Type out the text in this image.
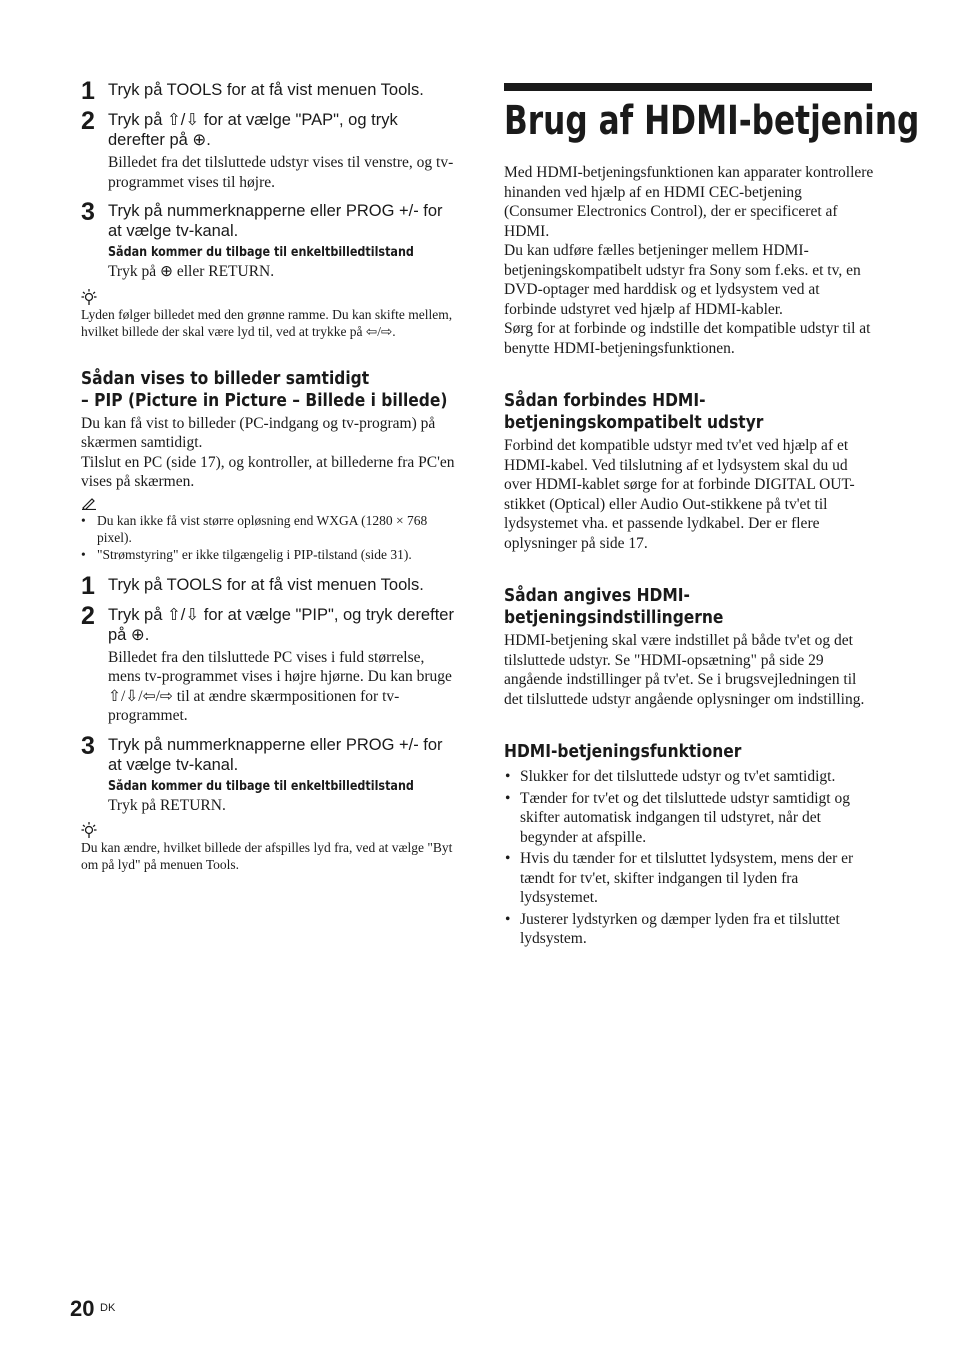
1 Tryk på TOOLS for at få vist menuen Tools.
2 Tryk på ⇧/⇩ for at vælge "PAP", og tryk derefter på ⊕.
Billedet fra det tilsluttede udstyr vises til venstre, og tv-programmet vises til højre.
3 Tryk på nummerknapperne eller PROG +/- for at vælge tv-kanal.
Sådan kommer du tilbage til enkeltbilledtilstand
Tryk på ⊕ eller RETURN.
Lyden følger billedet med den grønne ramme. Du kan skifte mellem, hvilket billede der skal være lyd til, ved at trykke på ⇦/⇨.
Sådan vises to billeder samtidigt
– PIP (Picture in Picture – Billede i billede)

Du kan få vist to billeder (PC-indgang og tv-program) på skærmen samtidigt.

Tilslut en PC (side 17), og kontroller, at billederne fra PC'en vises på skærmen.

• Du kan ikke få vist større opløsning end WXGA (1280 × 768 pixel).
• "Strømstyring" er ikke tilgængelig i PIP-tilstand (side 31).
1 Tryk på TOOLS for at få vist menuen Tools.
2 Tryk på ⇧/⇩ for at vælge "PIP", og tryk derefter på ⊕.
Billedet fra den tilsluttede PC vises i fuld størrelse, mens tv-programmet vises i højre hjørne. Du kan bruge ⇧/⇩/⇦/⇨ til at ændre skærmpositionen for tv-programmet.
3 Tryk på nummerknapperne eller PROG +/- for at vælge tv-kanal.
Sådan kommer du tilbage til enkeltbilledtilstand
Tryk på RETURN.
Du kan ændre, hvilket billede der afspilles lyd fra, ved at vælge "Byt om på lyd" på menuen Tools.
Brug af HDMI-betjening

Med HDMI-betjeningsfunktionen kan apparater kontrollere hinanden ved hjælp af en HDMI CEC-betjening (Consumer Electronics Control), der er specificeret af HDMI.

Du kan udføre fælles betjeninger mellem HDMI-betjeningskompatibelt udstyr fra Sony som f.eks. et tv, en DVD-optager med harddisk og et lydsystem ved at forbinde udstyret ved hjælp af HDMI-kabler.

Sørg for at forbinde og indstille det kompatible udstyr til at benytte HDMI-betjeningsfunktionen.

Sådan forbindes HDMI-
betjeningskompatibelt udstyr

Forbind det kompatible udstyr med tv'et ved hjælp af et HDMI-kabel. Ved tilslutning af et lydsystem skal du ud over HDMI-kablet sørge for at forbinde DIGITAL OUT-stikket (Optical) eller Audio Out-stikkene på tv'et til lydsystemet vha. et passende lydkabel. Der er flere oplysninger på side 17.

Sådan angives HDMI-
betjeningsindstillingerne

HDMI-betjening skal være indstillet på både tv'et og det tilsluttede udstyr. Se "HDMI-opsætning" på side 29 angående indstillinger på tv'et. Se i brugsvejledningen til det tilsluttede udstyr angående oplysninger om indstilling.

HDMI-betjeningsfunktioner
• Slukker for det tilsluttede udstyr og tv'et samtidigt.
• Tænder for tv'et og det tilsluttede udstyr samtidigt og skifter automatisk indgangen til udstyret, når det begynder at afspille.
• Hvis du tænder for et tilsluttet lydsystem, mens der er tændt for tv'et, skifter indgangen til lyden fra lydsystemet.
• Justerer lydstyrken og dæmper lyden fra et tilsluttet lydsystem.
20 DK
